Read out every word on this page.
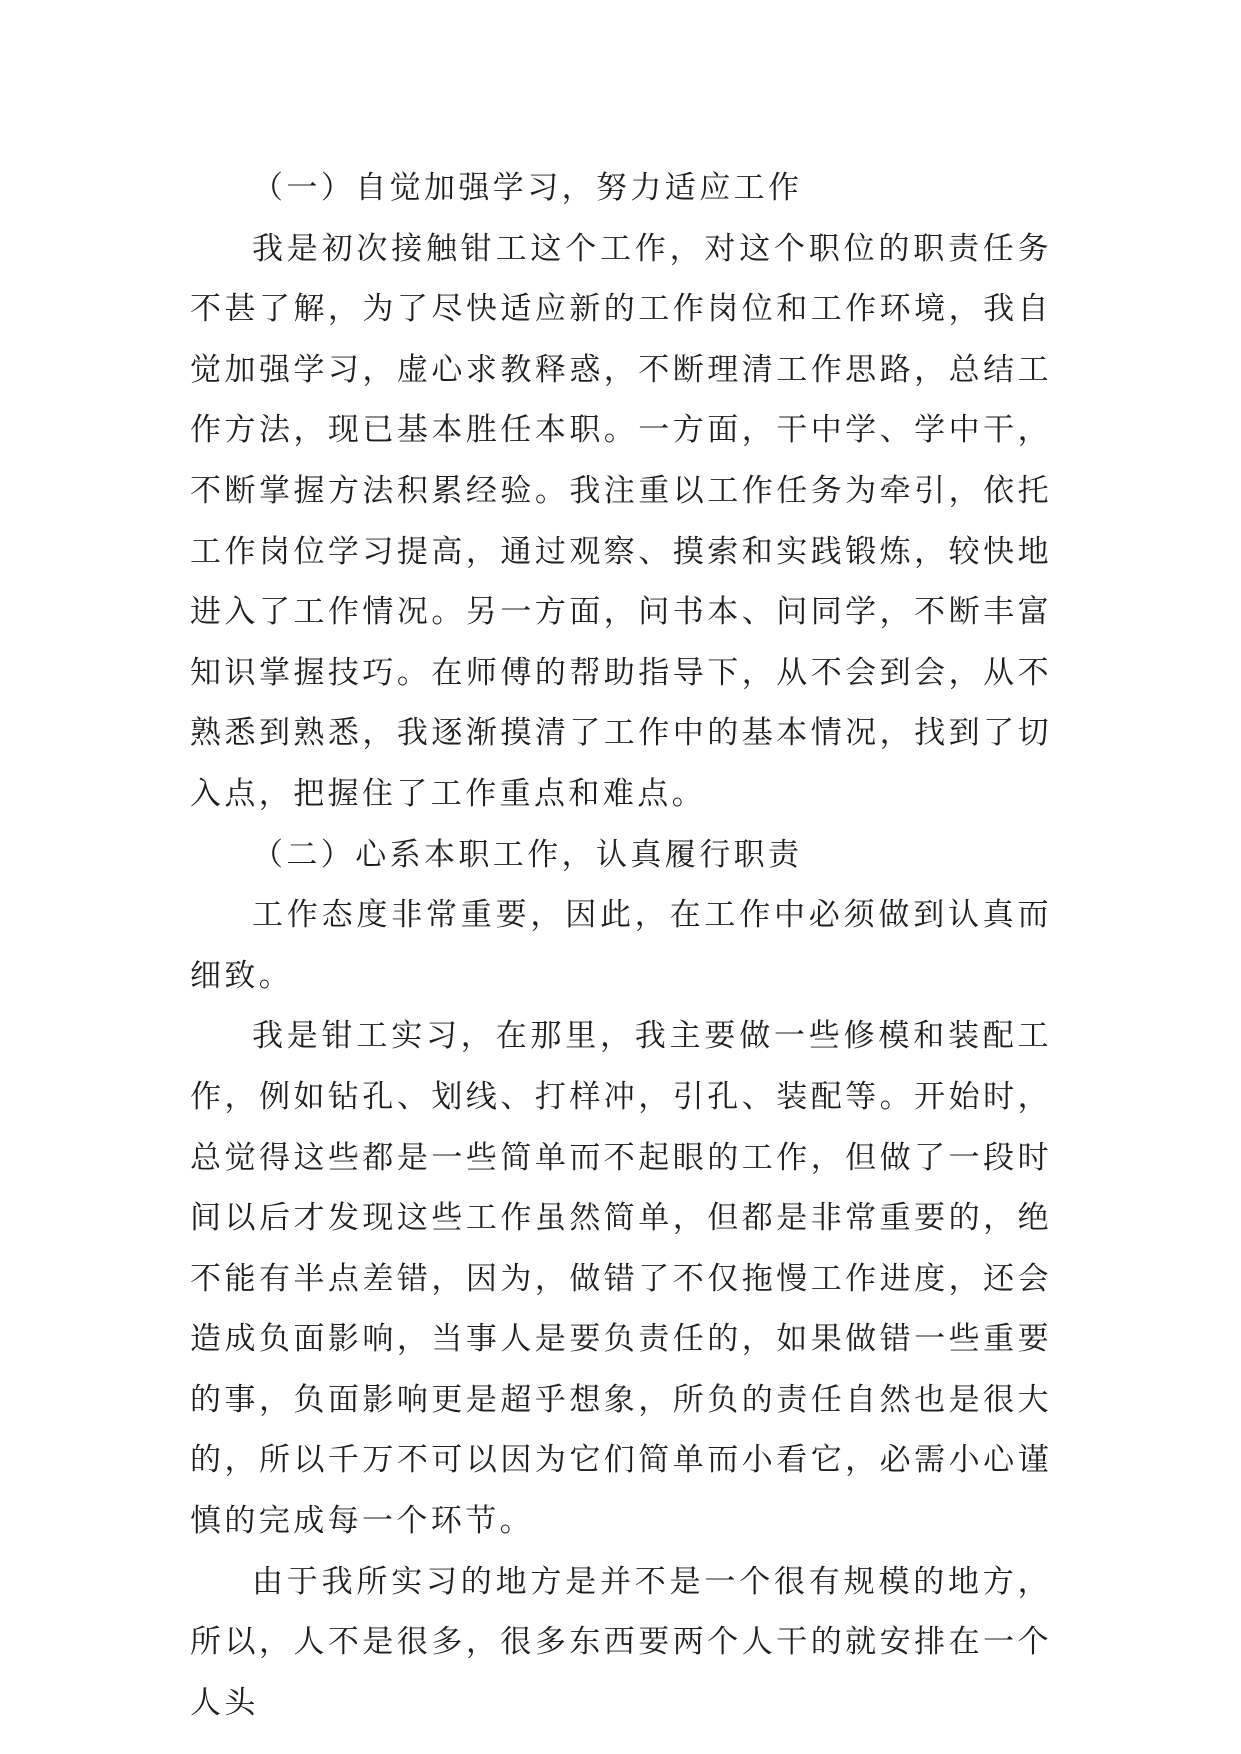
（一）自觉加强学习，努力适应工作

我是初次接触钳工这个工作，对这个职位的职责任务不甚了解，为了尽快适应新的工作岗位和工作环境，我自觉加强学习，虚心求教释惑，不断理清工作思路，总结工作方法，现已基本胜任本职。一方面，干中学、学中干，不断掌握方法积累经验。我注重以工作任务为牵引，依托工作岗位学习提高，通过观察、摸索和实践锻炼，较快地进入了工作情况。另一方面，问书本、问同学，不断丰富知识掌握技巧。在师傅的帮助指导下，从不会到会，从不熟悉到熟悉，我逐渐摸清了工作中的基本情况，找到了切入点，把握住了工作重点和难点。

（二）心系本职工作，认真履行职责

工作态度非常重要，因此，在工作中必须做到认真而细致。

我是钳工实习，在那里，我主要做一些修模和装配工作，例如钻孔、划线、打样冲，引孔、装配等。开始时，总觉得这些都是一些简单而不起眼的工作，但做了一段时间以后才发现这些工作虽然简单，但都是非常重要的，绝不能有半点差错，因为，做错了不仅拖慢工作进度，还会造成负面影响，当事人是要负责任的，如果做错一些重要的事，负面影响更是超乎想象，所负的责任自然也是很大的，所以千万不可以因为它们简单而小看它，必需小心谨慎的完成每一个环节。

由于我所实习的地方是并不是一个很有规模的地方，所以，人不是很多，很多东西要两个人干的就安排在一个人头
